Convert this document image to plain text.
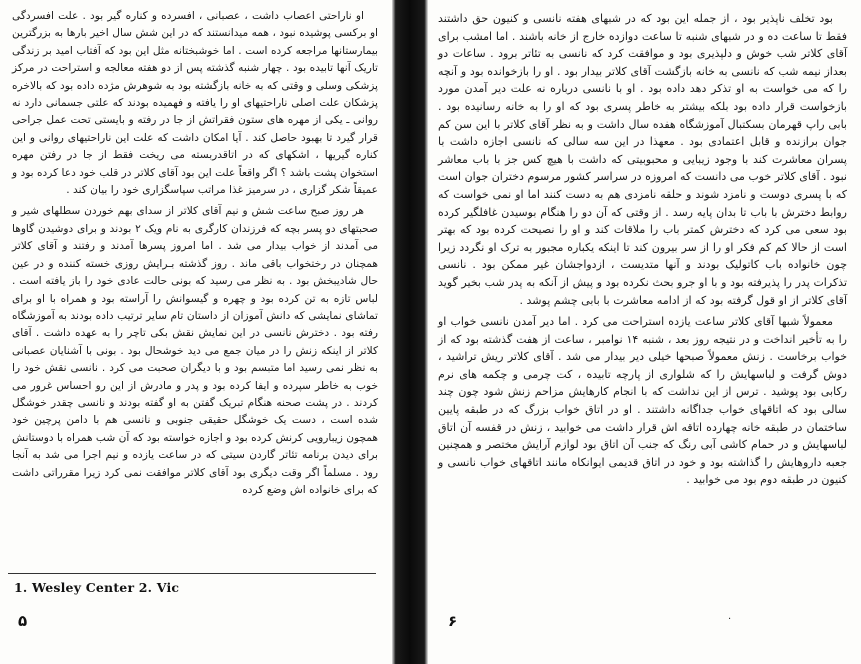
او ناراحتی اعصاب داشت ، عصبانی ، افسرده و کناره گیر بود . علت افسردگی او برکسی پوشیده نبود ، همه میدانستند که در این شش سال اخیر بارها به بزرگترین بیمارستانها مراجعه کرده است . اما خوشبختانه مثل این بود که آفتاب امید بر زندگی تاریک آنها تابیده بود . چهار شنبه گذشته پس از دو هفته معالجه و استراحت در مرکز پزشکی وسلی و وقتی که به خانه بازگشته بود به شوهرش مژده داده بود که بالاخره پزشکان علت اصلی ناراحتیهای او را یافته و فهمیده بودند که علتی جسمانی دارد نه روانی ـ یکی از مهره های ستون فقراتش از جا در رفته و بایستی تحت عمل جراحی قرار گیرد تا بهبود حاصل کند . آیا امکان داشت که علت این ناراحتیهای روانی و این کناره گیریها ، اشکهای که در اتاقدربسته می ریخت فقط از جا در رفتن مهره استخوان پشت باشد ؟ اگر واقعاً علت این بود آقای کلاتر در قلب خود دعا کرده بود و عمیقاً شکر گزاری ، در سرمیز غذا مراتب سپاسگزاری خود را بیان کند .

هر روز صبح ساعت شش و نیم آقای کلاتر از سدای بهم خوردن سطلهای شیر و صحبتهای دو پسر بچه که فرزندان کارگری به نام ویک ۲ بودند و برای دوشیدن گاوها می آمدند از خواب بیدار می شد . اما امروز پسرها آمدند و رفتند و آقای کلاتر همچنان در رختخواب باقی ماند . روز گذشته بـرایش روزی خسته کننده و در عین حال شادیبخش بود . به نظر می رسید که بونی حالت عادی خود را باز یافته است . لباس تازه به تن کرده بود و چهره و گیسوانش را آراسته بود و همراه با او برای تماشای نمایشی که دانش آموزان از داستان تام سایر ترتیب داده بودند به آموزشگاه رفته بود . دخترش نانسی در این نمایش نقش بکی تاچر را به عهده داشت . آقای کلاتر از اینکه زنش را در میان جمع می دید خوشحال بود . بونی با آشنایان عصبانی به نظر نمی رسید اما متبسم بود و با دیگران صحبت می کرد . نانسی نقش خود را خوب به خاطر سپرده و ایفا کرده بود و پدر و مادرش از این رو احساس غرور می کردند . در پشت صحنه هنگام تبریک گفتن به او گفته بودند و نانسی چقدر خوشگل شده است ، دست یک خوشگل حقیقی جنوبی و نانسی هم با دامن پرچین خود همچون زیبارویی کرنش کرده بود و اجازه خواسته بود که آن شب همراه با دوستانش برای دیدن برنامه تئاتر گاردن سیتی که در ساعت یازده و نیم اجرا می شد به آنجا رود . مسلماً اگر وقت دیگری بود آقای کلاتر موافقت نمی کرد زیرا مقرراتی داشت که برای خانواده اش وضع کرده

1. Wesley Center 2. Vic
۵

بود تخلف ناپذیر بود ، از جمله این بود که در شبهای هفته نانسی و کنیون حق داشتند فقط تا ساعت ده و در شبهای شنبه تا ساعت دوازده خارج از خانه باشند . اما امشب برای آقای کلاتر شب خوش و دلپذیری بود و موافقت کرد که نانسی به تئاتر برود . ساعات دو بعداز نیمه شب که نانسی به خانه بازگشت آقای کلاتر بیدار بود . او را بازخوانده بود و آنچه را که می خواست به او تذکر دهد داده بود . او با نانسی درباره نه علت دیر آمدن مورد بازخواست قرار داده بود بلکه بیشتر به خاطر پسری بود که او را به خانه رسانیده بود . بابی راپ قهرمان بسکتبال آموزشگاه هفده سال داشت و به نظر آقای کلاتر با این سن کم جوان برازنده و قابل اعتمادی بود . معهذا در این سه سالی که نانسی اجازه داشت با پسران معاشرت کند با وجود زیبایی و محبوبیتی که داشت با هیچ کس جز با باب معاشر نبود . آقای کلاتر خوب می دانست که امروزه در سراسر کشور مرسوم دختران جوان است که با پسری دوست و نامزد شوند و حلقه نامزدی هم به دست کنند اما او نمی خواست که روابط دخترش با باب تا بدان پایه رسد . از وقتی که آن دو را هنگام بوسیدن غافلگیر کرده بود سعی می کرد که دخترش کمتر باب را ملاقات کند و او را نصیحت کرده بود که بهتر است از حالا کم کم فکر او را از سر بیرون کند تا اینکه یکباره مجبور به ترک او نگردد زیرا چون خانواده باب کاتولیک بودند و آنها متدیست ، ازدواجشان غیر ممکن بود . نانسی تذکرات پدر را پذیرفته بود و با او جرو بحث نکرده بود و پیش از آنکه به پدر شب بخیر گوید آقای کلاتر از او قول گرفته بود که از ادامه معاشرت با بابی چشم پوشد .

معمولاً شبها آقای کلاتر ساعت یازده استراحت می کرد . اما دیر آمدن نانسی خواب او را به تأخیر انداخت و در نتیجه روز بعد ، شنبه ۱۴ نوامبر ، ساعت از هفت گذشته بود که از خواب برخاست . زنش معمولاً صبحها خیلی دیر بیدار می شد . آقای کلاتر ریش تراشید ، دوش گرفت و لباسهایش را که شلواری از پارچه تابیده ، کت چرمی و چکمه های نرم رکابی بود پوشید . ترس از این نداشت که با انجام کارهایش مزاحم زنش شود چون چند سالی بود که اتاقهای خواب جداگانه داشتند . او در اتاق خواب بزرگ که در طبقه پایین ساختمان در طبقه خانه چهارده اتاقه اش قرار داشت می خوابید ، زنش در قفسه آن اتاق لباسهایش و در حمام کاشی آبی رنگ که جنب آن اتاق بود لوازم آرایش مختصر و همچنین جعبه داروهایش را گذاشته بود و خود در اتاق قدیمی ایوانکاه مانند اتاقهای خواب نانسی و کنیون در طبقه دوم بود می خوابید .

·
۶
